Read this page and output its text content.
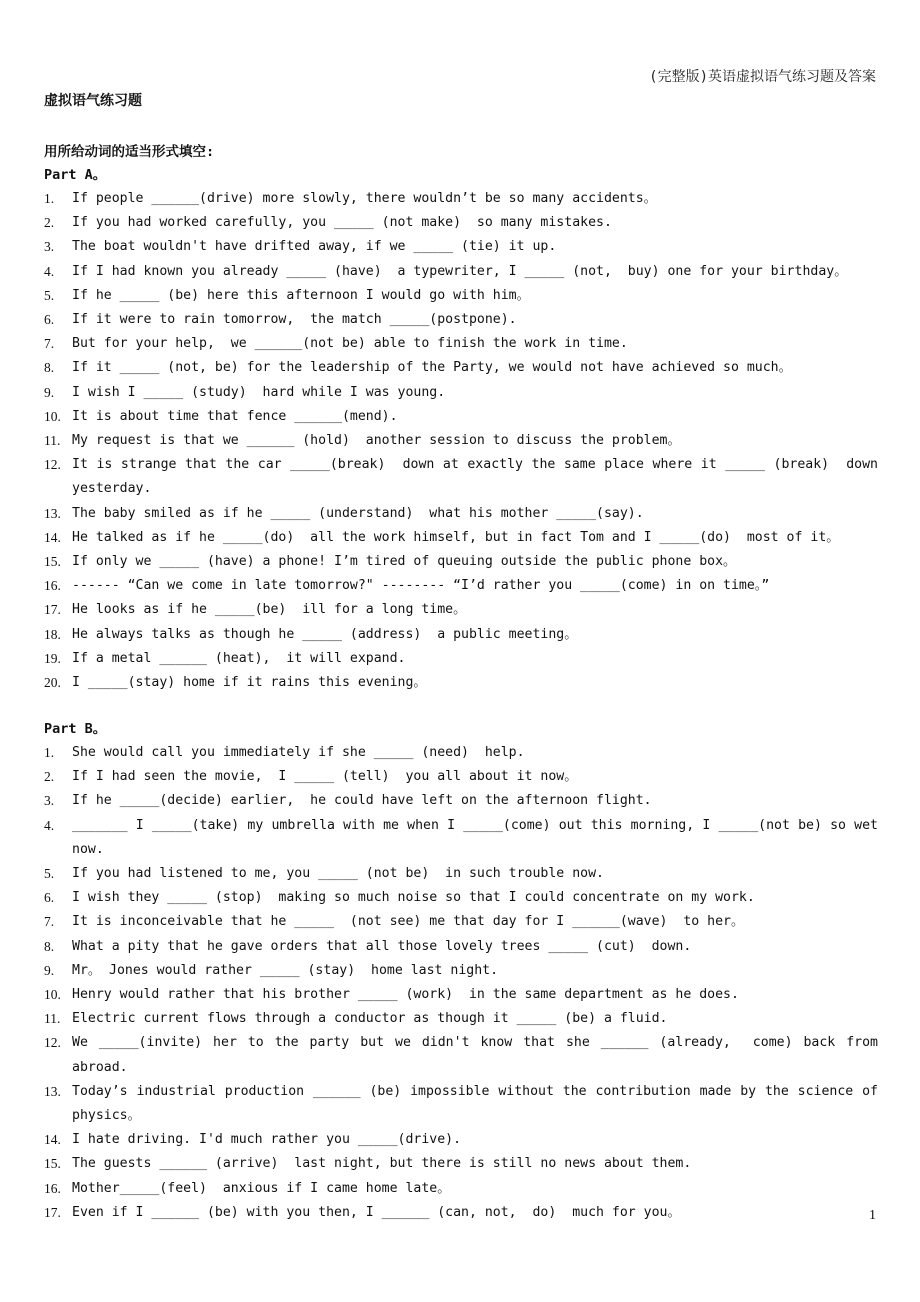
(完整版)英语虚拟语气练习题及答案
虚拟语气练习题
用所给动词的适当形式填空:
Part A。
1.	If people ______(drive) more slowly, there wouldn’t be so many accidents。
2.	If you had worked carefully, you _____ (not make)  so many mistakes.
3.	The boat wouldn't have drifted away, if we _____ (tie) it up.
4.	If I had known you already _____ (have)  a typewriter, I _____ (not,  buy) one for your birthday。
5.	If he _____ (be) here this afternoon I would go with him。
6.	If it were to rain tomorrow,  the match _____(postpone).
7.	But for your help,  we ______(not be) able to finish the work in time.
8.	If it _____ (not, be) for the leadership of the Party, we would not have achieved so much。
9.	I wish I _____ (study)  hard while I was young.
10. It is about time that fence ______(mend).
11. My request is that we ______ (hold)  another session to discuss the problem。
12. It is strange that the car _____(break)  down at exactly the same place where it _____ (break)  down yesterday.
13. The baby smiled as if he _____ (understand)  what his mother _____(say).
14. He talked as if he _____(do)  all the work himself, but in fact Tom and I _____(do)  most of it。
15. If only we _____ (have) a phone! I’m tired of queuing outside the public phone box。
16. ------ “Can we come in late tomorrow?" -------- “I’d rather you _____(come) in on time。”
17. He looks as if he _____(be)  ill for a long time。
18. He always talks as though he _____ (address)  a public meeting。
19. If a metal ______ (heat),  it will expand.
20. I _____(stay) home if it rains this evening。
Part B。
1.	She would call you immediately if she _____ (need)  help.
2.	If I had seen the movie,  I _____ (tell)  you all about it now。
3.	If he _____(decide) earlier,  he could have left on the afternoon flight.
4.	_______ I _____(take) my umbrella with me when I _____(come) out this morning, I _____(not be) so wet now.
5.	If you had listened to me, you _____ (not be)  in such trouble now.
6.	I wish they _____ (stop)  making so much noise so that I could concentrate on my work.
7.	It is inconceivable that he _____  (not see) me that day for I ______(wave)  to her。
8.	What a pity that he gave orders that all those lovely trees _____ (cut)  down.
9.	Mr。 Jones would rather _____ (stay)  home last night.
10. Henry would rather that his brother _____ (work)  in the same department as he does.
11. Electric current flows through a conductor as though it _____ (be) a fluid.
12. We _____(invite) her to the party but we didn't know that she ______ (already,  come) back from abroad.
13. Today’s industrial production ______ (be) impossible without the contribution made by the science of physics。
14. I hate driving. I'd much rather you _____(drive).
15. The guests ______ (arrive)  last night, but there is still no news about them.
16. Mother_____(feel)  anxious if I came home late。
17. Even if I ______ (be) with you then, I ______ (can, not,  do)  much for you。	1
